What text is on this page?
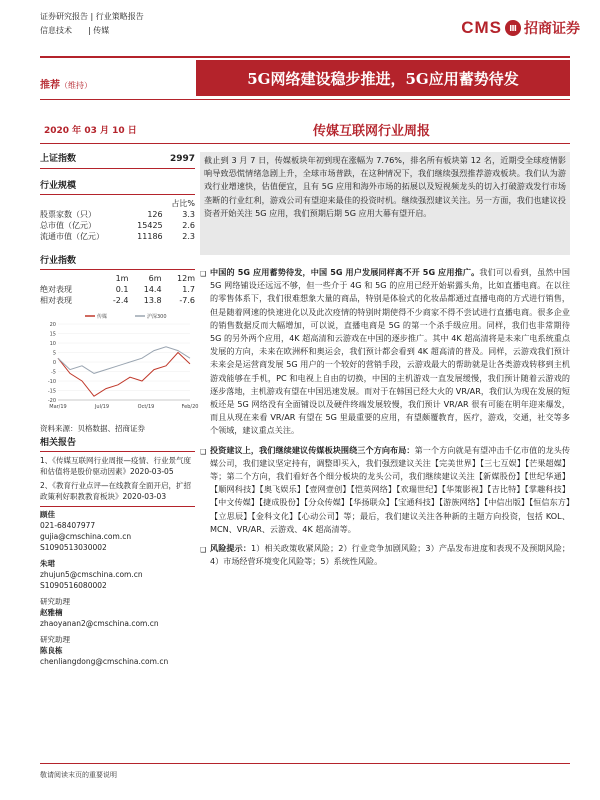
证券研究报告 | 行业策略报告
信息技术　　| 传媒	CMS Ⅲ 招商证券
推荐（维持）	5G网络建设稳步推进，5G应用蓄势待发
2020 年 03 月 10 日	传媒互联网行业周报
上证指数	2997
行业规模
		占比%
股票家数（只）	126	3.3
总市值（亿元）	15425	2.6
流通市值（亿元）	11186	2.3
行业指数
	1m	6m	12m
绝对表现	0.1	14.4	1.7
相对表现	-2.4	13.8	-7.6
20
15
10
5
0
-5
-10
-15
-20
Mar/19	Jul/19	Oct/19	Feb/20
传媒	沪深300
资料来源：贝格数据、招商证券
相关报告
1、《传媒互联网行业周报—疫情、行业景气度和估值将是股价驱动因素》2020-03-05
2、《教育行业点评—在线教育全面开启，扩招政策利好职教教育板块》2020-03-03
顾佳
021-68407977
gujia@cmschina.com.cn
S1090513030002
朱珺
zhujun5@cmschina.com.cn
S1090516080002
研究助理
赵雅楠
zhaoyanan2@cmschina.com.cn
研究助理
陈良栋
chenliangdong@cmschina.com.cn
截止到 3 月 7 日，传媒板块年初到现在涨幅为 7.76%，排名所有板块第 12 名，近期受全球疫情影响导致恐慌情绪急剧上升，全球市场普跌，在这种情况下，我们继续强烈推荐游戏板块。我们认为游戏行业增速快，估值便宜，且有 5G 应用和海外市场的拓展以及短视频龙头的切入打破游戏发行市场垄断的行业红利，游戏公司有望迎来最佳的投资时机。继续强烈建议关注。另一方面，我们也建议投资者开始关注 5G 应用，我们预期后期 5G 应用大幕有望开启。
❑ 中国的 5G 应用蓄势待发，中国 5G 用户发展同样离不开 5G 应用推广。我们可以看到，虽然中国 5G 网络铺设还远远不够，但一些介于 4G 和 5G 的应用已经开始崭露头角，比如直播电商。在以往的零售体系下，我们很难想象大量的商品，特别是体验式的化妆品都通过直播电商的方式进行销售，但是随着网速的快速进化以及此次疫情的特别时期使得不少商家不得不尝试进行直播电商。很多企业的销售数据反而大幅增加，可以说，直播电商是 5G 的第一个杀手级应用。同样，我们也非常期待 5G 的另外两个应用，4K 超高清和云游戏在中国的逐步推广。其中 4K 超高清将是未来广电系统重点发展的方向，未来在欧洲杯和奥运会，我们预计都会看到 4K 超高清的普及。同样，云游戏我们预计未来会是运营商发展 5G 用户的一个较好的营销手段，云游戏最大的帮助就是让各类游戏转移到主机游戏能够在手机，PC 和电视上自由的切换，中国的主机游戏一直发展缓慢，我们预计随着云游戏的逐步落地，主机游戏有望在中国迅速发展。而对于在韩国已经大火的 VR/AR，我们认为现在发展的短板还是 5G 网络没有全面铺设以及硬件终端发展较慢，我们预计 VR/AR 很有可能在明年迎来爆发，而且从现在来看 VR/AR 有望在 5G 里最重要的应用，有望颇覆教育，医疗，游戏，交通，社交等多个领域，建议重点关注。
❑ 投资建议上，我们继续建议传媒板块围绕三个方向布局：第一个方向就是有望冲击千亿市值的龙头传媒公司，我们建议坚定持有，调整即买入，我们强烈建议关注【完美世界】【三七互娱】【芒果超媒】等；第二个方向，我们看好各个细分板块的龙头公司，我们继续建议关注【新媒股份】【世纪华通】【顺网科技】【奥飞娱乐】【壹网壹创】【恺英网络】【欢瑞世纪】【华策影视】【吉比特】【掌趣科技】【中文传媒】【捷成股份】【分众传媒】【华扬联众】【宝通科技】【游族网络】【中信出版】【恒信东方】【立思辰】【金科文化】【心动公司】等；最后，我们建议关注各种新的主题方向投资，包括 KOL、MCN、VR/AR、云游戏、4K 超高清等。
❑ 风险提示：1）相关政策收紧风险；2）行业竞争加剧风险；3）产品发布进度和表现不及预期风险；4）市场经营环境变化风险等；5）系统性风险。
敬请阅读末页的重要说明
